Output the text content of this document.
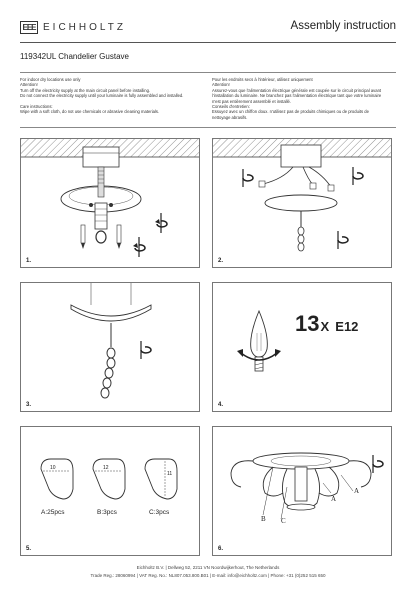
EEE EICHHOLTZ	Assembly instruction
119342UL Chandelier Gustave
For indoor dry locations use only
Attention!
Turn off the electricity supply at the main circuit panel before installing.
Do not connect the electricity supply until your luminaire is fully assembled and installed.
Care instructions:
Wipe with a soft cloth, do not use chemicals or abrasive cleaning materials.
Pour les endroits secs à l'intérieur, utilisez uniquement
Attention!
Assurez-vous que l'alimentation électrique générale est coupée sur le circuit principal avant
l'installation du luminaire. Ne branchez pas l'alimentation électrique tant que votre luminaire
n'est pas entièrement assemblé et installé.
Conseils d'entretien:
Essuyez avec un chiffon doux. n'utilisez pas de produits chimiques ou de produits de
nettoyage abrasifs.
1.	2.
3.
13X E12
4.
10	12
11
A:25pcs	B:3pcs	C:3pcs
5.
A
A
B C
6.
Eichholtz B.V. | Dellweg 52, 2211 VN Noordwijkerhout, The Netherlands
Trade Reg.: 28060994 | VAT Reg. No.: NL807.053.800.B01 | E-mail: info@eichholtz.com | Phone: +31 (0)252 515 650
